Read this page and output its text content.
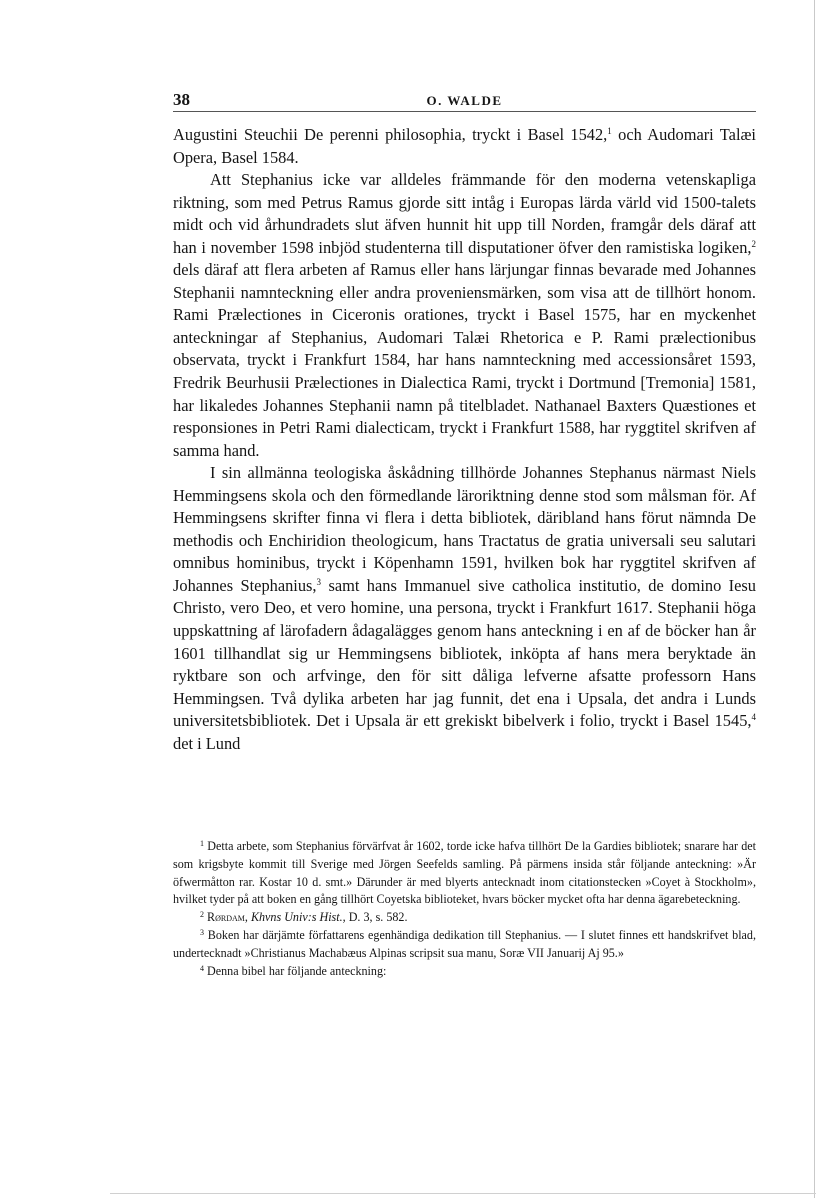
38	O. WALDE

Augustini Steuchii De perenni philosophia, tryckt i Basel 1542,$^1$ och Audomari Talæi Opera, Basel 1584.

Att Stephanius icke var alldeles främmande för den moderna vetenskapliga riktning, som med Petrus Ramus gjorde sitt intåg i Europas lärda värld vid 1500-talets midt och vid århundradets slut äfven hunnit hit upp till Norden, framgår dels däraf att han i november 1598 inbjöd studenterna till disputationer öfver den ramistiska logiken,$^2$ dels däraf att flera arbeten af Ramus eller hans lärjungar finnas bevarade med Johannes Stephanii namnteckning eller andra proveniensmärken, som visa att de tillhört honom. Rami Prælectiones in Ciceronis orationes, tryckt i Basel 1575, har en myckenhet anteckningar af Stephanius, Audomari Talæi Rhetorica e P. Rami prælectionibus observata, tryckt i Frankfurt 1584, har hans namnteckning med accessionsåret 1593, Fredrik Beurhusii Prælectiones in Dialectica Rami, tryckt i Dortmund [Tremonia] 1581, har likaledes Johannes Stephanii namn på titelbladet. Nathanael Baxters Quæstiones et responsiones in Petri Rami dialecticam, tryckt i Frankfurt 1588, har ryggtitel skrifven af samma hand.

I sin allmänna teologiska åskådning tillhörde Johannes Stephanus närmast Niels Hemmingsens skola och den förmedlande läroriktning denne stod som målsman för. Af Hemmingsens skrifter finna vi flera i detta bibliotek, däribland hans förut nämnda De methodis och Enchiridion theologicum, hans Tractatus de gratia universali seu salutari omnibus hominibus, tryckt i Köpenhamn 1591, hvilken bok har ryggtitel skrifven af Johannes Stephanius,$^3$ samt hans Immanuel sive catholica institutio, de domino Iesu Christo, vero Deo, et vero homine, una persona, tryckt i Frankfurt 1617. Stephanii höga uppskattning af lärofadern ådagalägges genom hans anteckning i en af de böcker han år 1601 tillhandlat sig ur Hemmingsens bibliotek, inköpta af hans mera beryktade än ryktbare son och arfvinge, den för sitt dåliga lefverne afsatte professorn Hans Hemmingsen. Två dylika arbeten har jag funnit, det ena i Upsala, det andra i Lunds universitetsbibliotek. Det i Upsala är ett grekiskt bibelverk i folio, tryckt i Basel 1545,$^4$ det i Lund

$^1$ Detta arbete, som Stephanius förvärfvat år 1602, torde icke hafva tillhört De la Gardies bibliotek; snarare har det som krigsbyte kommit till Sverige med Jörgen Seefelds samling. På pärmens insida står följande anteckning: »Är öfwermåtton rar. Kostar 10 d. smt.» Därunder är med blyerts antecknadt inom citationstecken »Coyet à Stockholm», hvilket tyder på att boken en gång tillhört Coyetska biblioteket, hvars böcker mycket ofta har denna ägarebeteckning.

$^2$ Rørdam, Khvns Univ:s Hist., D. 3, s. 582.

$^3$ Boken har därjämte författarens egenhändiga dedikation till Stephanius. — I slutet finnes ett handskrifvet blad, undertecknadt »Christianus Machabæus Alpinas scripsit sua manu, Soræ VII Januarij Aj 95.»

$^4$ Denna bibel har följande anteckning:
